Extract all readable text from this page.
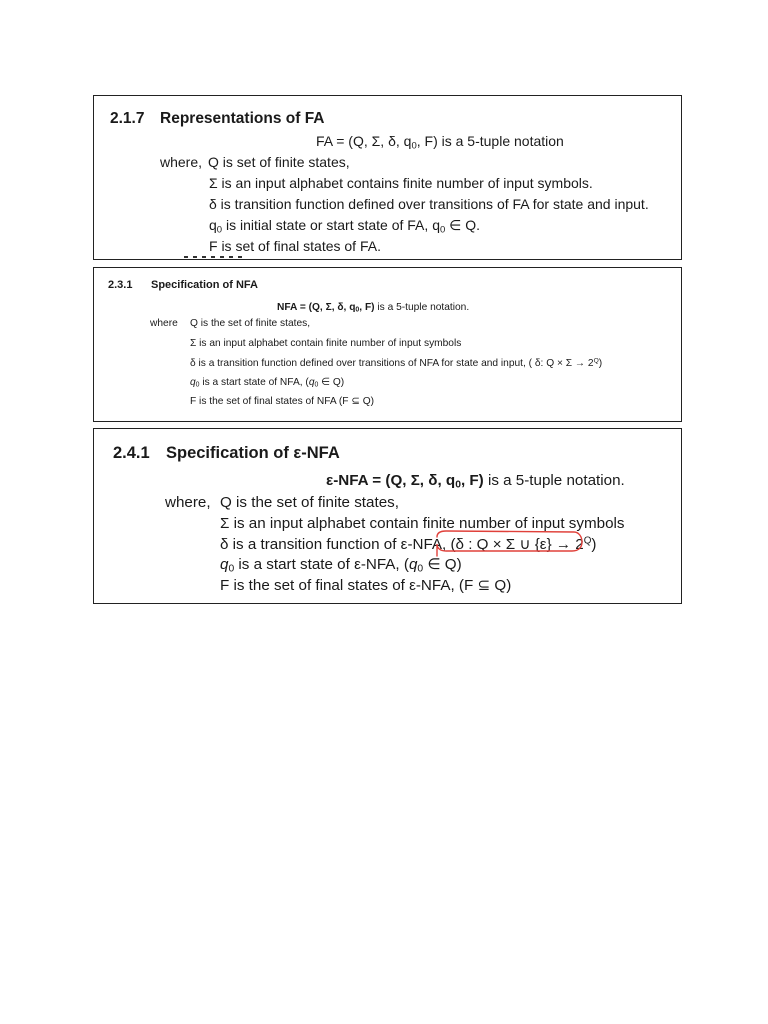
2.1.7 Representations of FA
FA = (Q, Σ, δ, $q_0$, F) is a 5-tuple notation
where, Q is set of finite states,
Σ is an input alphabet contains finite number of input symbols.
δ is transition function defined over transitions of FA for state and input.
$q_0$ is initial state or start state of FA, $q_0$ ∈ Q.
F is set of final states of FA.
2.3.1 Specification of NFA
NFA = (Q, Σ, δ, $q_0$, F) is a 5-tuple notation.
where Q is the set of finite states,
Σ is an input alphabet contain finite number of input symbols
δ is a transition function defined over transitions of NFA for state and input, ( δ: $Q \times \Sigma \to 2^Q$)
$q_0$ is a start state of NFA, ($q_0$ ∈ Q)
F is the set of final states of NFA (F ⊆ Q)
2.4.1 Specification of ε-NFA
ε-NFA = (Q, Σ, δ, $q_0$, F) is a 5-tuple notation.
where, Q is the set of finite states,
Σ is an input alphabet contain finite number of input symbols
δ is a transition function of ε-NFA, (δ : Q × Σ ∪ $\{\varepsilon\} \to 2^Q$)
$q_0$ is a start state of ε-NFA, ($q_0$ ∈ Q)
F is the set of final states of ε-NFA, (F ⊆ Q)
